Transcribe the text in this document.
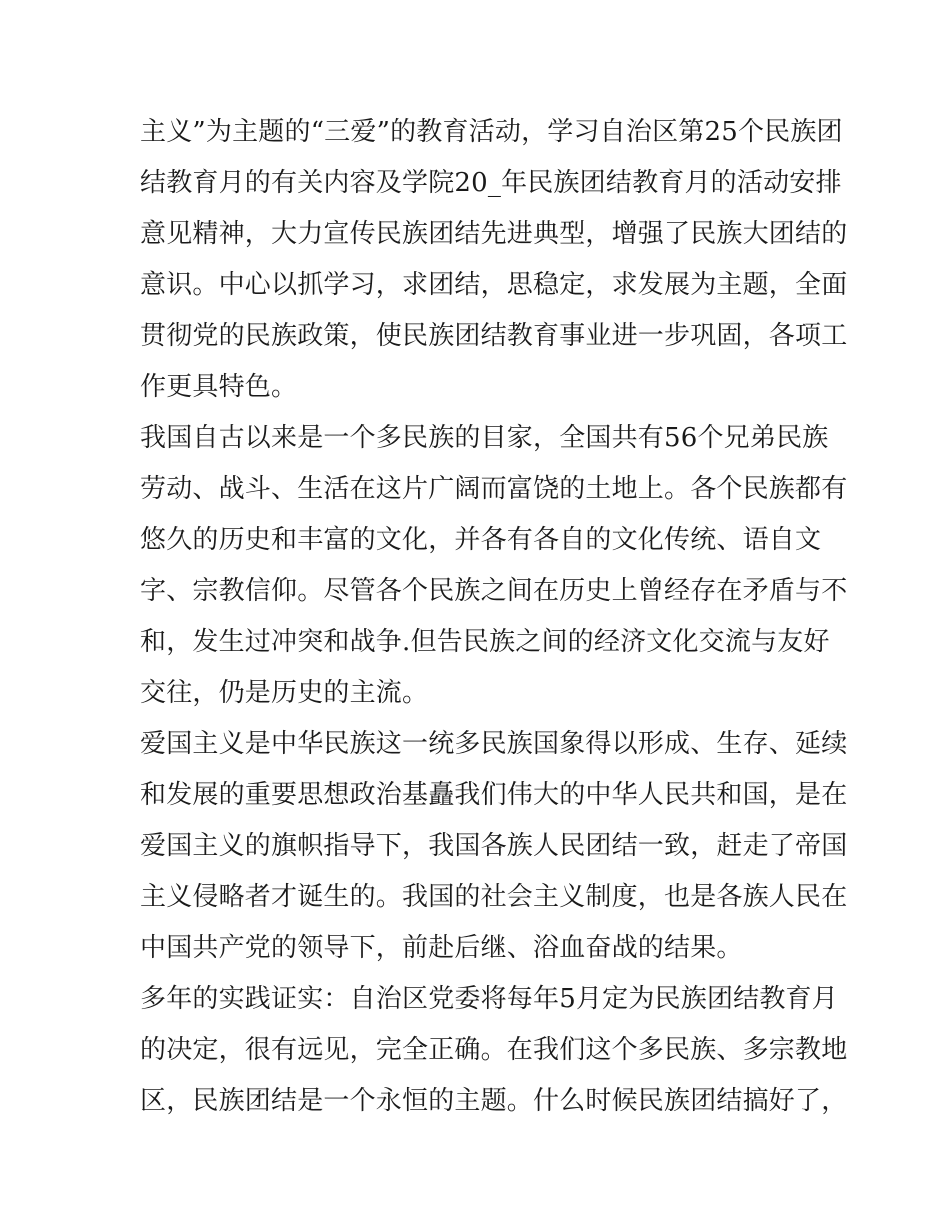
主义”为主题的“三爱”的教育活动，学习自治区第25个民族团
结教育月的有关内容及学院20_年民族团结教育月的活动安排
意见精神，大力宣传民族团结先进典型，增强了民族大团结的
意识。中心以抓学习，求团结，思稳定，求发展为主题，全面
贯彻党的民族政策，使民族团结教育事业进一步巩固，各项工
作更具特色。
我国自古以来是一个多民族的目家，全国共有56个兄弟民族
劳动、战斗、生活在这片广阔而富饶的土地上。各个民族都有
悠久的历史和丰富的文化，并各有各自的文化传统、语自文
字、宗教信仰。尽管各个民族之间在历史上曾经存在矛盾与不
和，发生过冲突和战争.但告民族之间的经济文化交流与友好
交往，仍是历史的主流。
爱国主义是中华民族这一统多民族国象得以形成、生存、延续
和发展的重要思想政治基矗我们伟大的中华人民共和国，是在
爱国主义的旗帜指导下，我国各族人民团结一致，赶走了帝国
主义侵略者才诞生的。我国的社会主义制度，也是各族人民在
中国共产党的领导下，前赴后继、浴血奋战的结果。
多年的实践证实：自治区党委将每年5月定为民族团结教育月
的决定，很有远见，完全正确。在我们这个多民族、多宗教地
区，民族团结是一个永恒的主题。什么时候民族团结搞好了，
